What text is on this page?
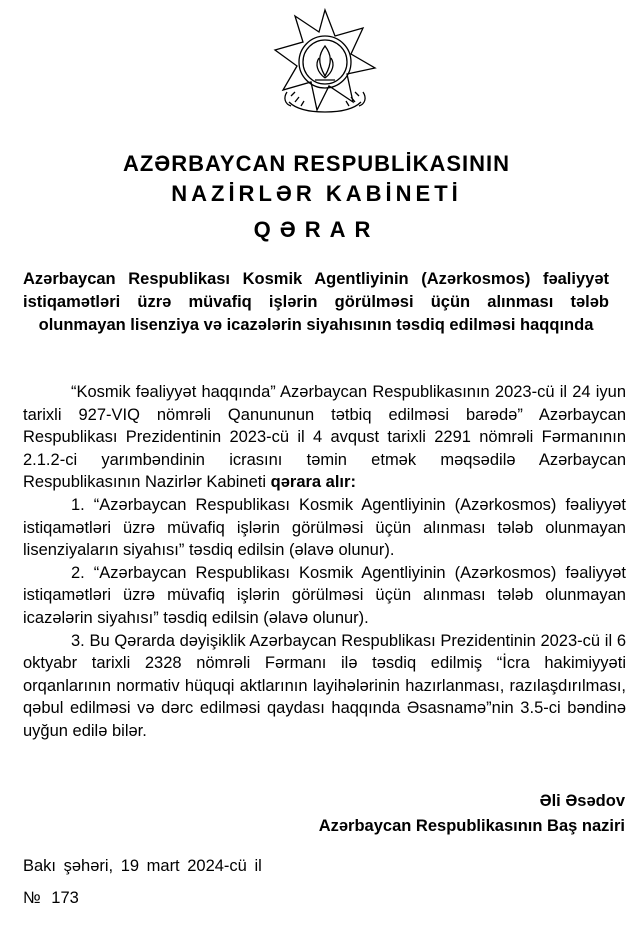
AZƏRBAYCAN RESPUBLİKASININ
NAZİRLƏR KABİNETİ
QƏRAR
Azərbaycan Respublikası Kosmik Agentliyinin (Azərkosmos) fəaliyyət istiqamətləri üzrə müvafiq işlərin görülməsi üçün alınması tələb olunmayan lisenziya və icazələrin siyahısının təsdiq edilməsi haqqında

“Kosmik fəaliyyət haqqında” Azərbaycan Respublikasının 2023-cü il 24 iyun tarixli 927-VIQ nömrəli Qanununun tətbiq edilməsi barədə” Azərbaycan Respublikası Prezidentinin 2023-cü il 4 avqust tarixli 2291 nömrəli Fərmanının 2.1.2-ci yarımbəndinin icrasını təmin etmək məqsədilə Azərbaycan Respublikasının Nazirlər Kabineti qərara alır:

1. “Azərbaycan Respublikası Kosmik Agentliyinin (Azərkosmos) fəaliyyət istiqamətləri üzrə müvafiq işlərin görülməsi üçün alınması tələb olunmayan lisenziyaların siyahısı” təsdiq edilsin (əlavə olunur).

2. “Azərbaycan Respublikası Kosmik Agentliyinin (Azərkosmos) fəaliyyət istiqamətləri üzrə müvafiq işlərin görülməsi üçün alınması tələb olunmayan icazələrin siyahısı” təsdiq edilsin (əlavə olunur).

3. Bu Qərarda dəyişiklik Azərbaycan Respublikası Prezidentinin 2023-cü il 6 oktyabr tarixli 2328 nömrəli Fərmanı ilə təsdiq edilmiş “İcra hakimiyyəti orqanlarının normativ hüquqi aktlarının layihələrinin hazırlanması, razılaşdırılması, qəbul edilməsi və dərc edilməsi qaydası haqqında Əsasnamə”nin 3.5-ci bəndinə uyğun edilə bilər.

Əli Əsədov
Azərbaycan Respublikasının Baş naziri
Bakı şəhəri, 19 mart 2024-cü il
№ 173
